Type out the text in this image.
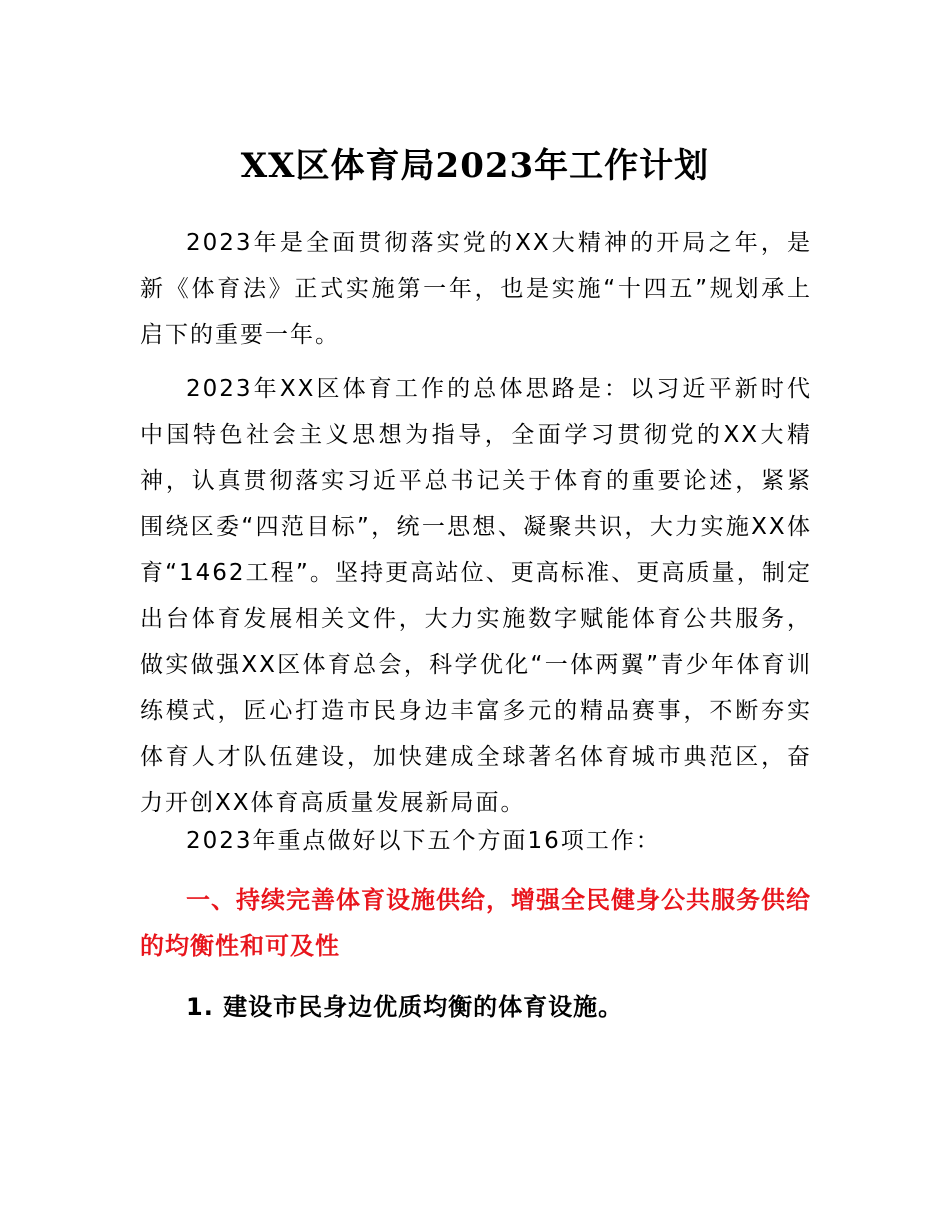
XX区体育局2023年工作计划
2023年是全面贯彻落实党的XX大精神的开局之年，是新《体育法》正式实施第一年，也是实施“十四五”规划承上启下的重要一年。
2023年XX区体育工作的总体思路是：以习近平新时代中国特色社会主义思想为指导，全面学习贯彻党的XX大精神，认真贯彻落实习近平总书记关于体育的重要论述，紧紧围绕区委“四范目标”，统一思想、凝聚共识，大力实施XX体育“1462工程”。坚持更高站位、更高标准、更高质量，制定出台体育发展相关文件，大力实施数字赋能体育公共服务，做实做强XX区体育总会，科学优化“一体两翼”青少年体育训练模式，匠心打造市民身边丰富多元的精品赛事，不断夯实体育人才队伍建设，加快建成全球著名体育城市典范区，奋力开创XX体育高质量发展新局面。
2023年重点做好以下五个方面16项工作：
一、持续完善体育设施供给，增强全民健身公共服务供给的均衡性和可及性
1. 建设市民身边优质均衡的体育设施。
